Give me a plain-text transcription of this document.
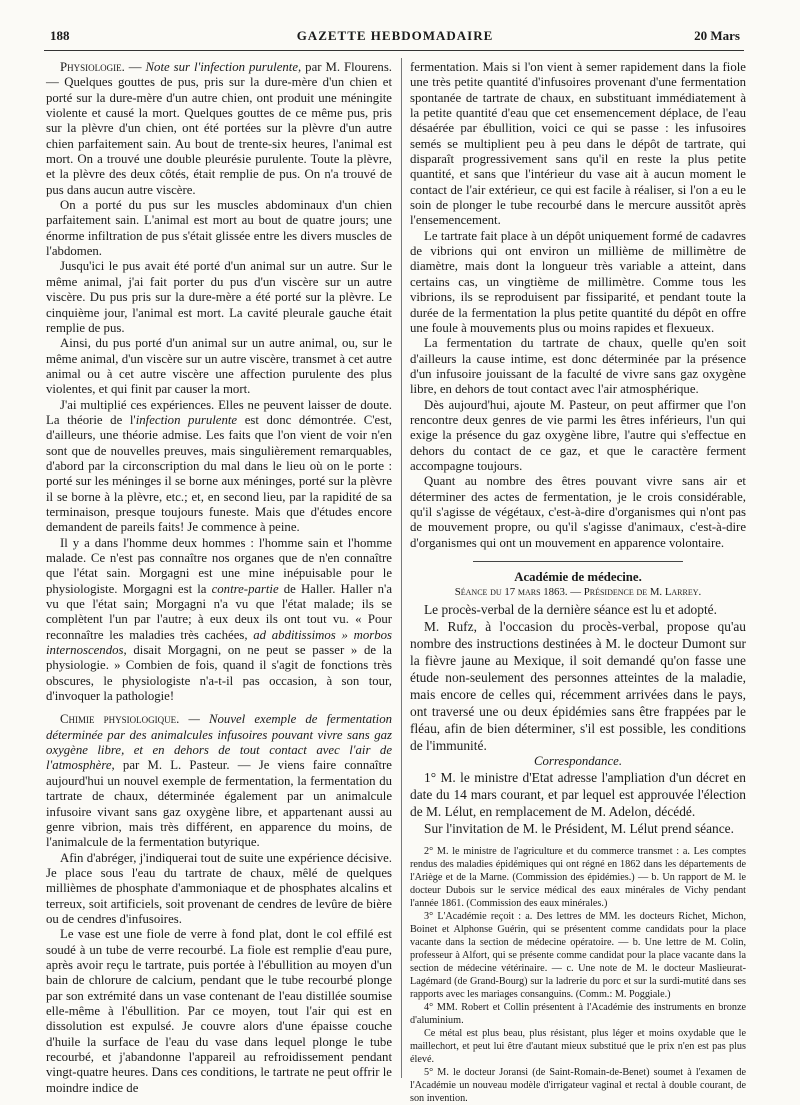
188	GAZETTE HEBDOMADAIRE	20 Mars

Physiologie. — Note sur l'infection purulente, par M. Flourens. — Quelques gouttes de pus, pris sur la dure-mère d'un chien et porté sur la dure-mère d'un autre chien, ont produit une méningite violente et causé la mort. Quelques gouttes de ce même pus, pris sur la plèvre d'un chien, ont été portées sur la plèvre d'un autre chien parfaitement sain. Au bout de trente-six heures, l'animal est mort. On a trouvé une double pleurésie purulente. Toute la plèvre, et la plèvre des deux côtés, était remplie de pus. On n'a trouvé de pus dans aucun autre viscère.

On a porté du pus sur les muscles abdominaux d'un chien parfaitement sain. L'animal est mort au bout de quatre jours; une énorme infiltration de pus s'était glissée entre les divers muscles de l'abdomen.

Jusqu'ici le pus avait été porté d'un animal sur un autre. Sur le même animal, j'ai fait porter du pus d'un viscère sur un autre viscère. Du pus pris sur la dure-mère a été porté sur la plèvre. Le cinquième jour, l'animal est mort. La cavité pleurale gauche était remplie de pus.

Ainsi, du pus porté d'un animal sur un autre animal, ou, sur le même animal, d'un viscère sur un autre viscère, transmet à cet autre animal ou à cet autre viscère une affection purulente des plus violentes, et qui finit par causer la mort.

J'ai multiplié ces expériences. Elles ne peuvent laisser de doute. La théorie de l'infection purulente est donc démontrée. C'est, d'ailleurs, une théorie admise. Les faits que l'on vient de voir n'en sont que de nouvelles preuves, mais singulièrement remarquables, d'abord par la circonscription du mal dans le lieu où on le porte : porté sur les méninges il se borne aux méninges, porté sur la plèvre il se borne à la plèvre, etc.; et, en second lieu, par la rapidité de sa terminaison, presque toujours funeste. Mais que d'études encore demandent de pareils faits! Je commence à peine.

Il y a dans l'homme deux hommes : l'homme sain et l'homme malade. Ce n'est pas connaître nos organes que de n'en connaître que l'état sain. Morgagni est une mine inépuisable pour le physiologiste. Morgagni est la contre-partie de Haller. Haller n'a vu que l'état sain; Morgagni n'a vu que l'état malade; ils se complètent l'un par l'autre; à eux deux ils ont tout vu. « Pour reconnaître les maladies très cachées, ad abditissimos » morbos internoscendos, disait Morgagni, on ne peut se passer » de la physiologie. » Combien de fois, quand il s'agit de fonctions très obscures, le physiologiste n'a-t-il pas occasion, à son tour, d'invoquer la pathologie!

Chimie physiologique. — Nouvel exemple de fermentation déterminée par des animalcules infusoires pouvant vivre sans gaz oxygène libre, et en dehors de tout contact avec l'air de l'atmosphère, par M. L. Pasteur. — Je viens faire connaître aujourd'hui un nouvel exemple de fermentation, la fermentation du tartrate de chaux, déterminée également par un animalcule infusoire vivant sans gaz oxygène libre, et appartenant aussi au genre vibrion, mais très différent, en apparence du moins, de l'animalcule de la fermentation butyrique.

Afin d'abréger, j'indiquerai tout de suite une expérience décisive. Je place sous l'eau du tartrate de chaux, mêlé de quelques millièmes de phosphate d'ammoniaque et de phosphates alcalins et terreux, soit artificiels, soit provenant de cendres de levûre de bière ou de cendres d'infusoires.

Le vase est une fiole de verre à fond plat, dont le col effilé est soudé à un tube de verre recourbé. La fiole est remplie d'eau pure, après avoir reçu le tartrate, puis portée à l'ébullition au moyen d'un bain de chlorure de calcium, pendant que le tube recourbé plonge par son extrémité dans un vase contenant de l'eau distillée soumise elle-même à l'ébullition. Par ce moyen, tout l'air qui est en dissolution est expulsé. Je couvre alors d'une épaisse couche d'huile la surface de l'eau du vase dans lequel plonge le tube recourbé, et j'abandonne l'appareil au refroidissement pendant vingt-quatre heures. Dans ces conditions, le tartrate ne peut offrir le moindre indice de

fermentation. Mais si l'on vient à semer rapidement dans la fiole une très petite quantité d'infusoires provenant d'une fermentation spontanée de tartrate de chaux, en substituant immédiatement à la petite quantité d'eau que cet ensemencement déplace, de l'eau désaérée par ébullition, voici ce qui se passe : les infusoires semés se multiplient peu à peu dans le dépôt de tartrate, qui disparaît progressivement sans qu'il en reste la plus petite quantité, et sans que l'intérieur du vase ait à aucun moment le contact de l'air extérieur, ce qui est facile à réaliser, si l'on a eu le soin de plonger le tube recourbé dans le mercure aussitôt après l'ensemencement.

Le tartrate fait place à un dépôt uniquement formé de cadavres de vibrions qui ont environ un millième de millimètre de diamètre, mais dont la longueur très variable a atteint, dans certains cas, un vingtième de millimètre. Comme tous les vibrions, ils se reproduisent par fissiparité, et pendant toute la durée de la fermentation la plus petite quantité du dépôt en offre une foule à mouvements plus ou moins rapides et flexueux.

La fermentation du tartrate de chaux, quelle qu'en soit d'ailleurs la cause intime, est donc déterminée par la présence d'un infusoire jouissant de la faculté de vivre sans gaz oxygène libre, en dehors de tout contact avec l'air atmosphérique.

Dès aujourd'hui, ajoute M. Pasteur, on peut affirmer que l'on rencontre deux genres de vie parmi les êtres inférieurs, l'un qui exige la présence du gaz oxygène libre, l'autre qui s'effectue en dehors du contact de ce gaz, et que le caractère ferment accompagne toujours.

Quant au nombre des êtres pouvant vivre sans air et déterminer des actes de fermentation, je le crois considérable, qu'il s'agisse de végétaux, c'est-à-dire d'organismes qui n'ont pas de mouvement propre, ou qu'il s'agisse d'animaux, c'est-à-dire d'organismes qui ont un mouvement en apparence volontaire.

Académie de médecine.

Séance du 17 mars 1863. — Présidence de M. Larrey.

Le procès-verbal de la dernière séance est lu et adopté.

M. Rufz, à l'occasion du procès-verbal, propose qu'au nombre des instructions destinées à M. le docteur Dumont sur la fièvre jaune au Mexique, il soit demandé qu'on fasse une étude non-seulement des personnes atteintes de la maladie, mais encore de celles qui, récemment arrivées dans le pays, ont traversé une ou deux épidémies sans être frappées par le fléau, afin de bien déterminer, s'il est possible, les conditions de l'immunité.

Correspondance.

1° M. le ministre d'Etat adresse l'ampliation d'un décret en date du 14 mars courant, et par lequel est approuvée l'élection de M. Lélut, en remplacement de M. Adelon, décédé.

Sur l'invitation de M. le Président, M. Lélut prend séance.

2° M. le ministre de l'agriculture et du commerce transmet : a. Les comptes rendus des maladies épidémiques qui ont régné en 1862 dans les départements de l'Ariège et de la Marne. (Commission des épidémies.) — b. Un rapport de M. le docteur Dubois sur le service médical des eaux minérales de Vichy pendant l'année 1861. (Commission des eaux minérales.)

3° L'Académie reçoit : a. Des lettres de MM. les docteurs Richet, Michon, Boinet et Alphonse Guérin, qui se présentent comme candidats pour la place vacante dans la section de médecine opératoire. — b. Une lettre de M. Colin, professeur à Alfort, qui se présente comme candidat pour la place vacante dans la section de médecine vétérinaire. — c. Une note de M. le docteur Maslieurat-Lagémard (de Grand-Bourg) sur la ladrerie du porc et sur la surdi-mutité dans ses rapports avec les mariages consanguins. (Comm.: M. Poggiale.)

4° MM. Robert et Collin présentent à l'Académie des instruments en bronze d'aluminium.

Ce métal est plus beau, plus résistant, plus léger et moins oxydable que le maillechort, et peut lui être d'autant mieux substitué que le prix n'en est pas plus élevé.

5° M. le docteur Joransi (de Saint-Romain-de-Benet) soumet à l'examen de l'Académie un nouveau modèle d'irrigateur vaginal et rectal à double courant, de son invention.
